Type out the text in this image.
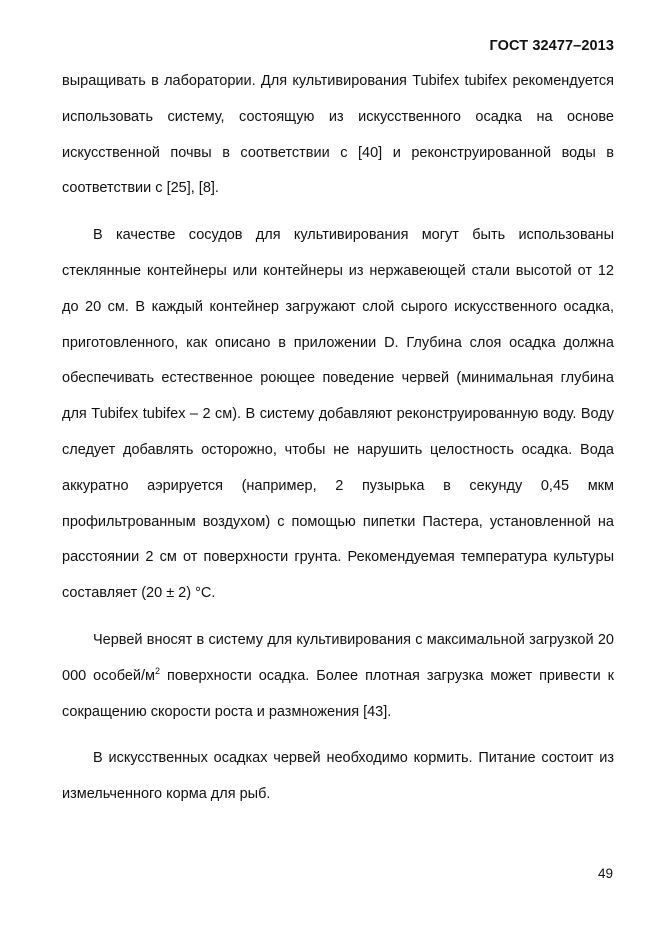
ГОСТ 32477–2013

выращивать в лаборатории. Для культивирования Tubifex tubifex рекомендуется использовать систему, состоящую из искусственного осадка на основе искусственной почвы в соответствии с [40] и реконструированной воды в соответствии с [25], [8].

В качестве сосудов для культивирования могут быть использованы стеклянные контейнеры или контейнеры из нержавеющей стали высотой от 12 до 20 см. В каждый контейнер загружают слой сырого искусственного осадка, приготовленного, как описано в приложении D. Глубина слоя осадка должна обеспечивать естественное роющее поведение червей (минимальная глубина для Tubifex tubifex – 2 см). В систему добавляют реконструированную воду. Воду следует добавлять осторожно, чтобы не нарушить целостность осадка. Вода аккуратно аэрируется (например, 2 пузырька в секунду 0,45 мкм профильтрованным воздухом) с помощью пипетки Пастера, установленной на расстоянии 2 см от поверхности грунта. Рекомендуемая температура культуры составляет (20 ± 2) °С.

Червей вносят в систему для культивирования с максимальной загрузкой 20 000 особей/$м^2$ поверхности осадка. Более плотная загрузка может привести к сокращению скорости роста и размножения [43].

В искусственных осадках червей необходимо кормить. Питание состоит из измельченного корма для рыб.

49
